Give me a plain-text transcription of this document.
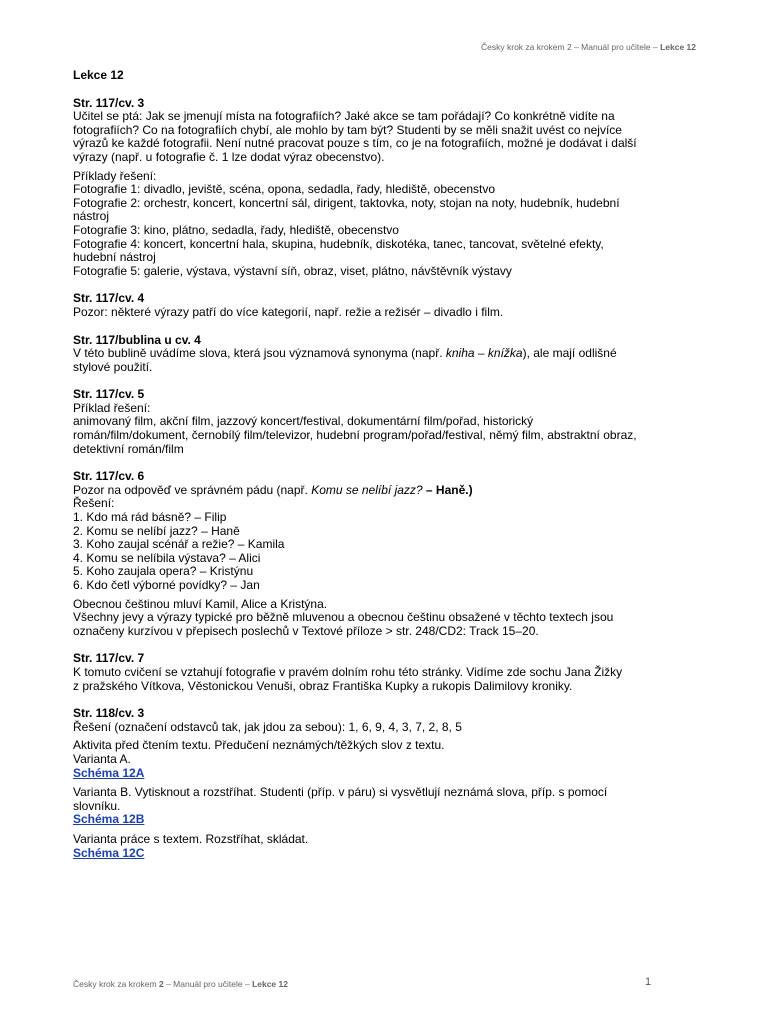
Česky krok za krokem 2 – Manuál pro učitele – Lekce 12

Lekce 12

Str. 117/cv. 3

Učitel se ptá: Jak se jmenují místa na fotografiích? Jaké akce se tam pořádají? Co konkrétně vidíte na

fotografiích? Co na fotografiích chybí, ale mohlo by tam být? Studenti by se měli snažit uvést co nejvíce

výrazů ke každé fotografii. Není nutné pracovat pouze s tím, co je na fotografiích, možné je dodávat i další

výrazy (např. u fotografie č. 1 lze dodat výraz obecenstvo).

Příklady řešení:

Fotografie 1: divadlo, jeviště, scéna, opona, sedadla, řady, hlediště, obecenstvo

Fotografie 2: orchestr, koncert, koncertní sál, dirigent, taktovka, noty, stojan na noty, hudebník, hudební

nástroj

Fotografie 3: kino, plátno, sedadla, řady, hlediště, obecenstvo

Fotografie 4: koncert, koncertní hala, skupina, hudebník, diskotéka, tanec, tancovat, světelné efekty,

hudební nástroj

Fotografie 5: galerie, výstava, výstavní síň, obraz, viset, plátno, návštěvník výstavy

Str. 117/cv. 4

Pozor: některé výrazy patří do více kategorií, např. režie a režisér – divadlo i film.

Str. 117/bublina u cv. 4

V této bublině uvádíme slova, která jsou významová synonyma (např. kniha – knížka), ale mají odlišné

stylové použití.

Str. 117/cv. 5

Příklad řešení:

animovaný film, akční film, jazzový koncert/festival, dokumentární film/pořad, historický

román/film/dokument, černobílý film/televizor, hudební program/pořad/festival, němý film, abstraktní obraz,

detektivní román/film

Str. 117/cv. 6

Pozor na odpověď ve správném pádu (např. Komu se nelíbí jazz? – Haně.)

Řešení:

1. Kdo má rád básně? – Filip

2. Komu se nelíbí jazz? – Haně

3. Koho zaujal scénář a režie? – Kamila

4. Komu se nelíbila výstava? – Alici

5. Koho zaujala opera? – Kristýnu

6. Kdo četl výborné povídky? – Jan

Obecnou češtinou mluví Kamil, Alice a Kristýna.

Všechny jevy a výrazy typické pro běžně mluvenou a obecnou češtinu obsažené v těchto textech jsou

označeny kurzívou v přepisech poslechů v Textové příloze > str. 248/CD2: Track 15–20.

Str. 117/cv. 7

K tomuto cvičení se vztahují fotografie v pravém dolním rohu této stránky. Vidíme zde sochu Jana Žižky

z pražského Vítkova, Věstonickou Venuši, obraz Františka Kupky a rukopis Dalimilovy kroniky.

Str. 118/cv. 3

Řešení (označení odstavců tak, jak jdou za sebou): 1, 6, 9, 4, 3, 7, 2, 8, 5

Aktivita před čtením textu. Předučení neznámých/těžkých slov z textu.

Varianta A.

Schéma 12A

Varianta B. Vytisknout a rozstříhat. Studenti (příp. v páru) si vysvětlují neznámá slova, příp. s pomocí

slovníku.

Schéma 12B

Varianta práce s textem. Rozstříhat, skládat.

Schéma 12C
Česky krok za krokem 2 – Manuál pro učitele – Lekce 12	1
